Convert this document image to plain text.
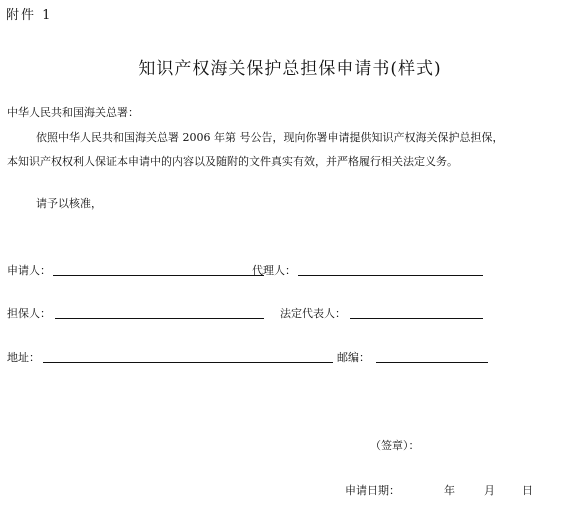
附件 1
知识产权海关保护总担保申请书(样式)
中华人民共和国海关总署：
依照中华人民共和国海关总署 2006 年第 号公告，现向你署申请提供知识产权海关保护总担保，
本知识产权权利人保证本申请中的内容以及随附的文件真实有效，并严格履行相关法定义务。
请予以核准，
申请人：	代理人：
担保人：	法定代表人：
地址：	邮编：
（签章）：
申请日期：	年	月 日
